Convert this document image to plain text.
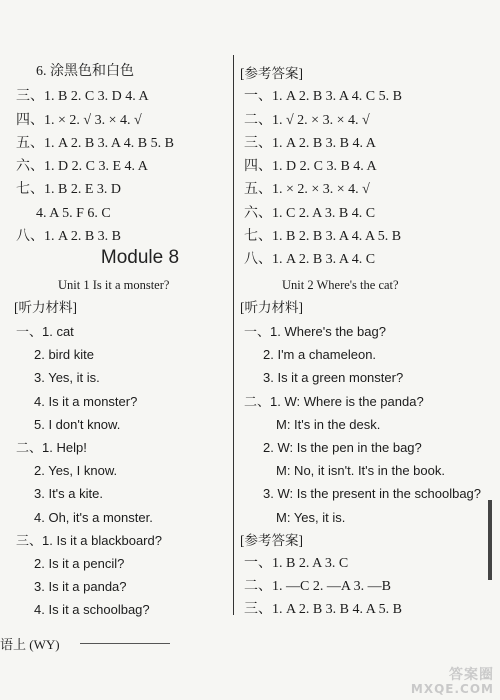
6. 涂黑色和白色
三、1. B 2. C 3. D 4. A
四、1. × 2. √ 3. × 4. √
五、1. A 2. B 3. A 4. B 5. B
六、1. D 2. C 3. E 4. A
七、1. B 2. E 3. D
4. A 5. F 6. C
八、1. A 2. B 3. B
Module 8
Unit 1 Is it a monster?
[听力材料]
一、1. cat
2. bird kite
3. Yes, it is.
4. Is it a monster?
5. I don't know.
二、1. Help!
2. Yes, I know.
3. It's a kite.
4. Oh, it's a monster.
三、1. Is it a blackboard?
2. Is it a pencil?
3. Is it a panda?
4. Is it a schoolbag?
[参考答案]
一、1. A 2. B 3. A 4. C 5. B
二、1. √ 2. × 3. × 4. √
三、1. A 2. B 3. B 4. A
四、1. D 2. C 3. B 4. A
五、1. × 2. × 3. × 4. √
六、1. C 2. A 3. B 4. C
七、1. B 2. B 3. A 4. A 5. B
八、1. A 2. B 3. A 4. C
Unit 2 Where's the cat?
[听力材料]
一、1. Where's the bag?
2. I'm a chameleon.
3. Is it a green monster?
二、1. W: Where is the panda?
M: It's in the desk.
2. W: Is the pen in the bag?
M: No, it isn't. It's in the book.
3. W: Is the present in the schoolbag?
M: Yes, it is.
[参考答案]
一、1. B 2. A 3. C
二、1. —C 2. —A 3. —B
三、1. A 2. B 3. B 4. A 5. B
语上 (WY)
答案圈
MXQE.COM
